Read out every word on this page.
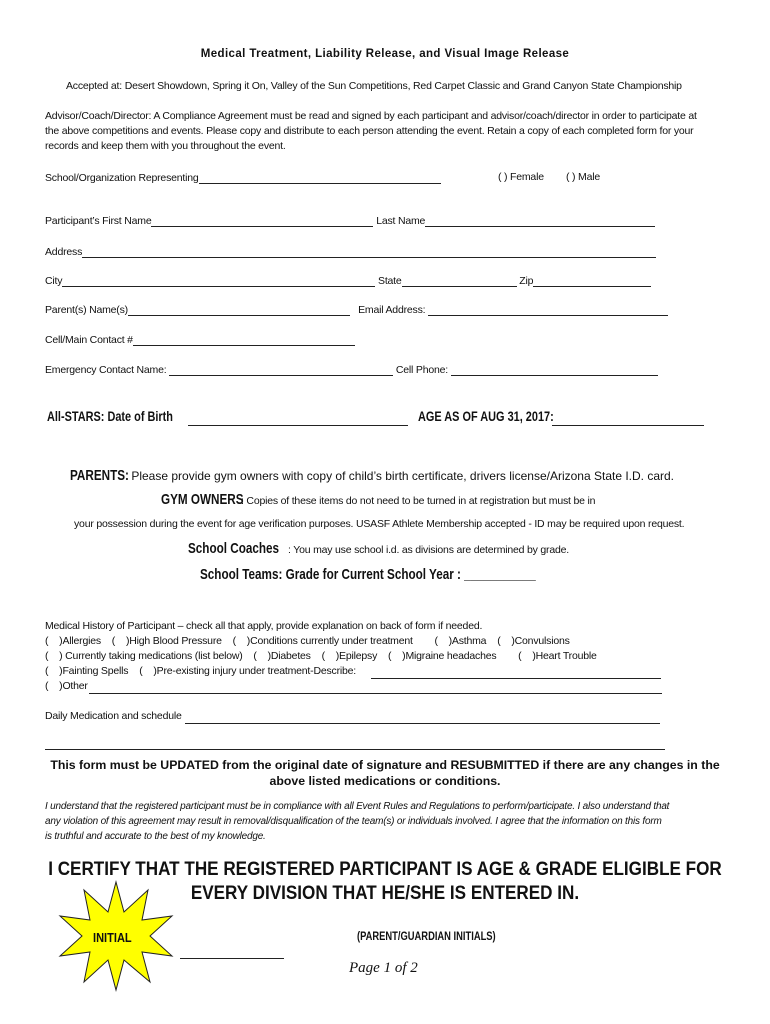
Medical Treatment, Liability Release, and Visual Image Release
Accepted at: Desert Showdown, Spring it On, Valley of the Sun Competitions, Red Carpet Classic and Grand Canyon State Championship
Advisor/Coach/Director: A Compliance Agreement must be read and signed by each participant and advisor/coach/director in order to participate at
the above competitions and events. Please copy and distribute to each person attending the event. Retain a copy of each completed form for your
records and keep them with you throughout the event.
School/Organization Representing	( ) Female ( ) Male
Participant’s First Name	Last Name
Address
City	State	Zip
Parent(s) Name(s)	Email Address:
Cell/Main Contact #
Emergency Contact Name:	Cell Phone:
All-STARS: Date of Birth	AGE AS OF AUG 31, 2017:
PARENTS: Please provide gym owners with copy of child’s birth certificate, drivers license/Arizona State I.D. card.
GYM OWNERS: Copies of these items do not need to be turned in at registration but must be in
your possession during the event for age verification purposes. USASF Athlete Membership accepted - ID may be required upon request.
School Coaches : You may use school i.d. as divisions are determined by grade.
School Teams: Grade for Current School Year : ___________
Medical History of Participant – check all that apply, provide explanation on back of form if needed.
(    )Allergies    (    )High Blood Pressure    (    )Conditions currently under treatment        (    )Asthma    (    )Convulsions
(    ) Currently taking medications (list below)    (    )Diabetes    (    )Epilepsy    (    )Migraine headaches        (    )Heart Trouble
(    )Fainting Spells    (    )Pre-existing injury under treatment-Describe:
(    )Other
Daily Medication and schedule
This form must be UPDATED from the original date of signature and RESUBMITTED if there are any changes in the
above listed medications or conditions.
I understand that the registered participant must be in compliance with all Event Rules and Regulations to perform/participate. I also understand that
any violation of this agreement may result in removal/disqualification of the team(s) or individuals involved. I agree that the information on this form
is truthful and accurate to the best of my knowledge.
I CERTIFY THAT THE REGISTERED PARTICIPANT IS AGE & GRADE ELIGIBLE FOR
EVERY DIVISION THAT HE/SHE IS ENTERED IN.
INITIAL	(PARENT/GUARDIAN INITIALS)
Page 1 of 2
